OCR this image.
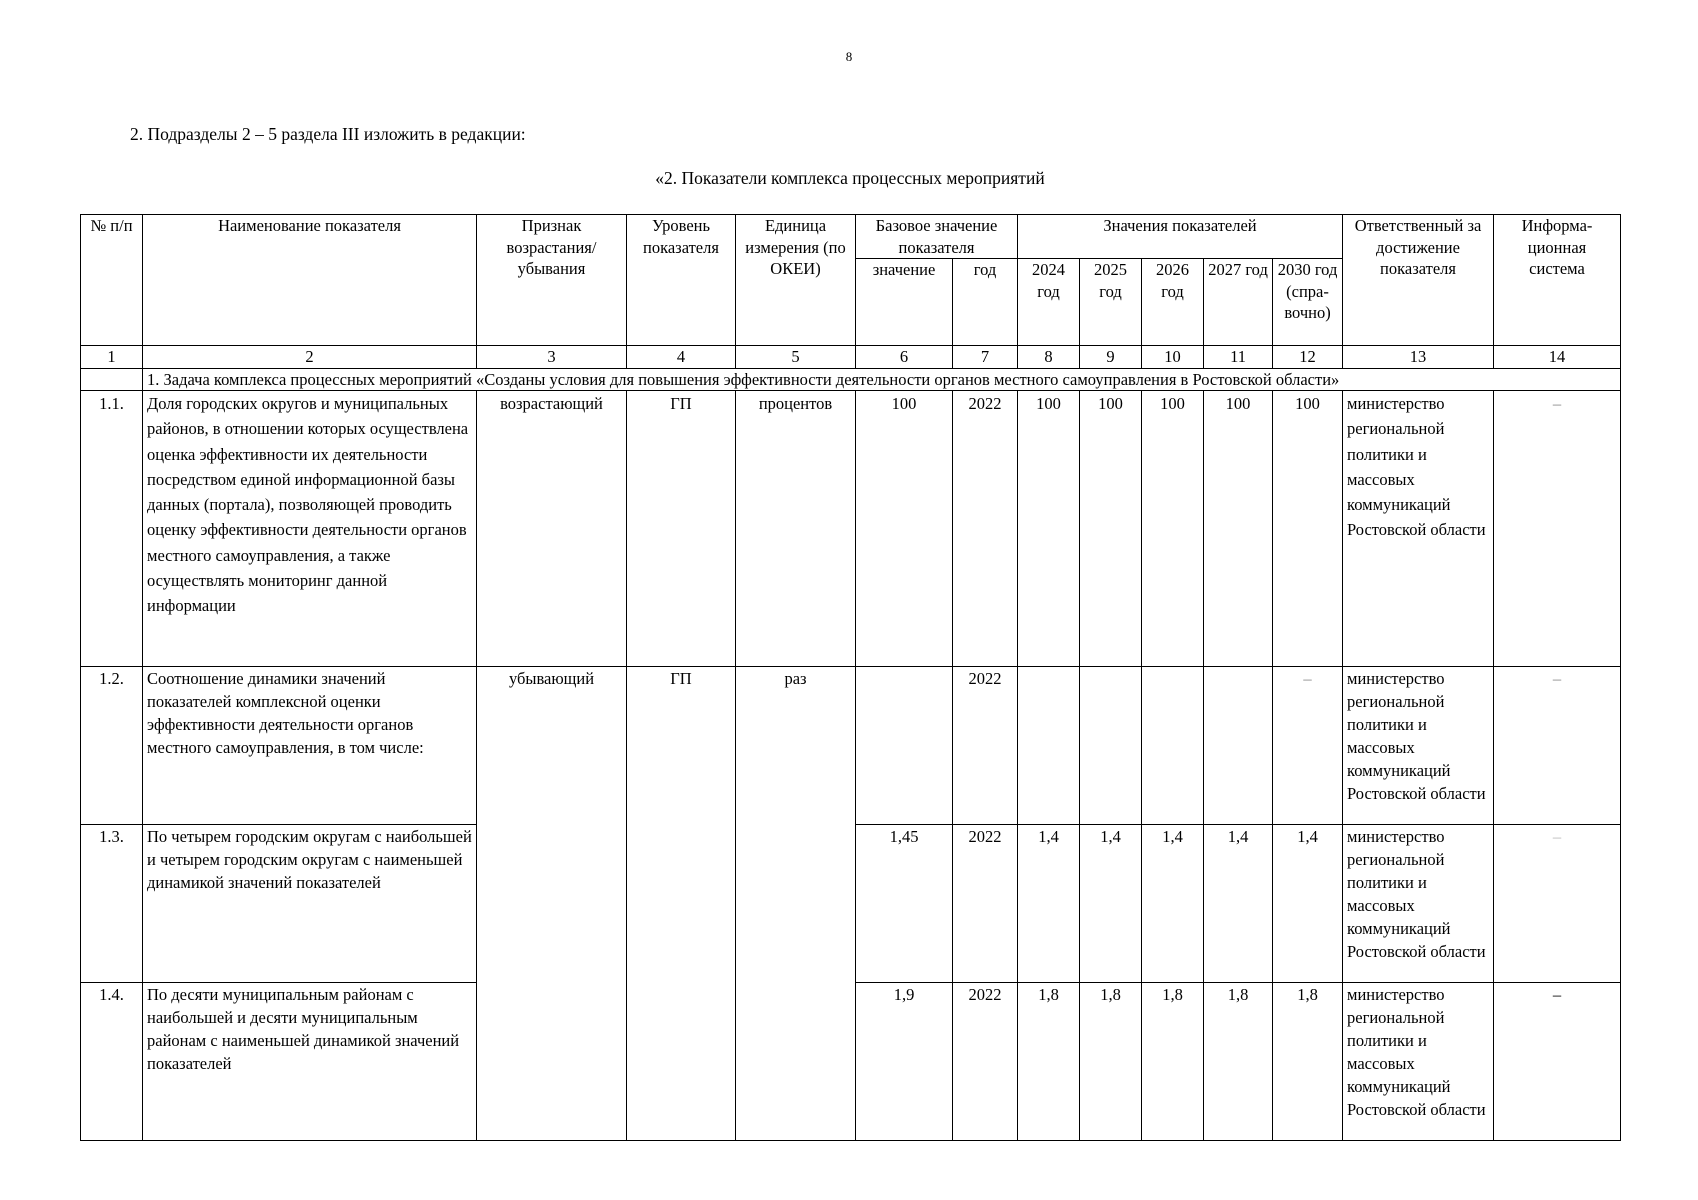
8
2. Подразделы 2 – 5 раздела III изложить в редакции:
«2. Показатели комплекса процессных мероприятий
№ п/п	Наименование показателя	Признак возрастания/ убывания	Уровень показателя	Единица измерения (по ОКЕИ)	Базовое значение показателя		Значения показателей					Ответственный за достижение показателя	Информа-ционная система
					значение	год	2024 год	2025 год	2026 год	2027 год	2030 год (спра-вочно)		

1	2	3	4	5	6	7	8	9	10	11	12	13	14
	1. Задача комплекса процессных мероприятий «Созданы условия для повышения эффективности деятельности органов местного самоуправления в Ростовской области»												
1.1.	Доля городских округов и муниципальных районов, в отношении которых осуществлена оценка эффективности их деятельности посредством единой информационной базы данных (портала), позволяющей проводить оценку эффективности деятельности органов местного самоуправления, а также осуществлять мониторинг данной информации	возрастающий	ГП	процентов	100	2022	100	100	100	100	100	министерство региональной политики и массовых коммуникаций Ростовской области	–
1.2.	Соотношение динамики значений показателей комплексной оценки эффективности деятельности органов местного самоуправления, в том числе:	убывающий	ГП	раз		2022					–	министерство региональной политики и массовых коммуникаций Ростовской области	–
1.3.	По четырем городским округам с наибольшей и четырем городским округам с наименьшей динамикой значений показателей				1,45	2022	1,4	1,4	1,4	1,4	1,4	министерство региональной политики и массовых коммуникаций Ростовской области	–
1.4.	По десяти муниципальным районам с наибольшей и десяти муниципальным районам с наименьшей динамикой значений показателей				1,9	2022	1,8	1,8	1,8	1,8	1,8	министерство региональной политики и массовых коммуникаций Ростовской области	–
